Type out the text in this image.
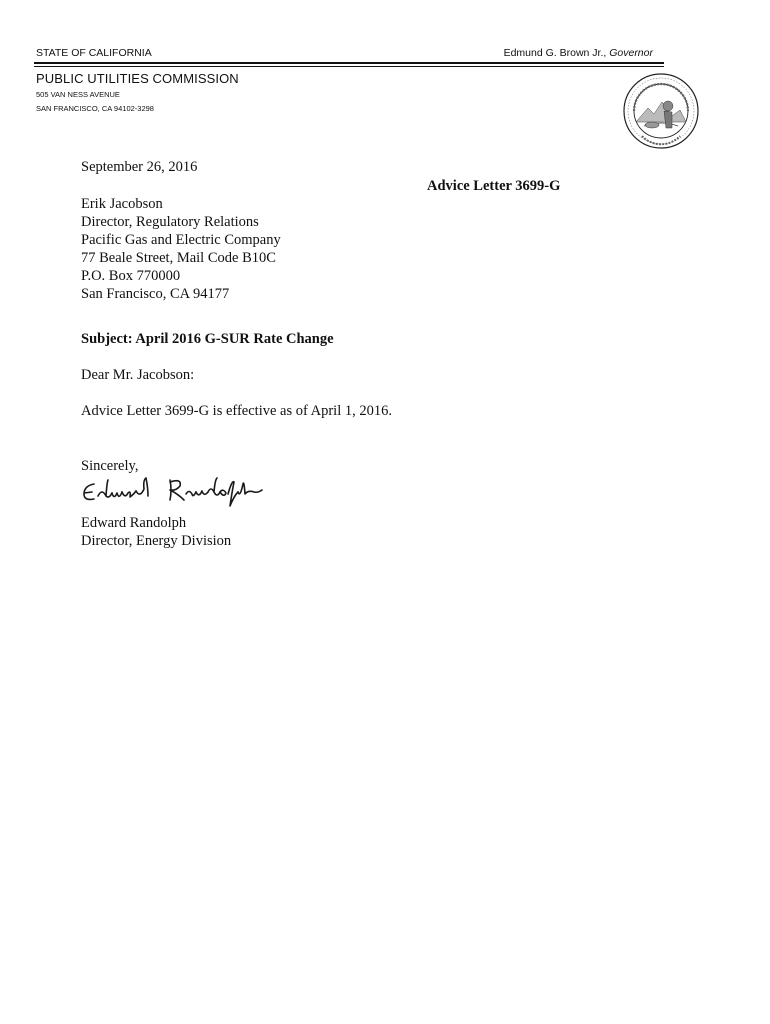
STATE OF CALIFORNIA	Edmund G. Brown Jr., Governor
PUBLIC UTILITIES COMMISSION
505 VAN NESS AVENUE
SAN FRANCISCO, CA 94102-3298
September 26, 2016
Advice Letter 3699-G
Erik Jacobson
Director, Regulatory Relations
Pacific Gas and Electric Company
77 Beale Street, Mail Code B10C
P.O. Box 770000
San Francisco, CA 94177
Subject: April 2016 G-SUR Rate Change
Dear Mr. Jacobson:
Advice Letter 3699-G is effective as of April 1, 2016.
Sincerely,
Edward Randolph
Director, Energy Division
